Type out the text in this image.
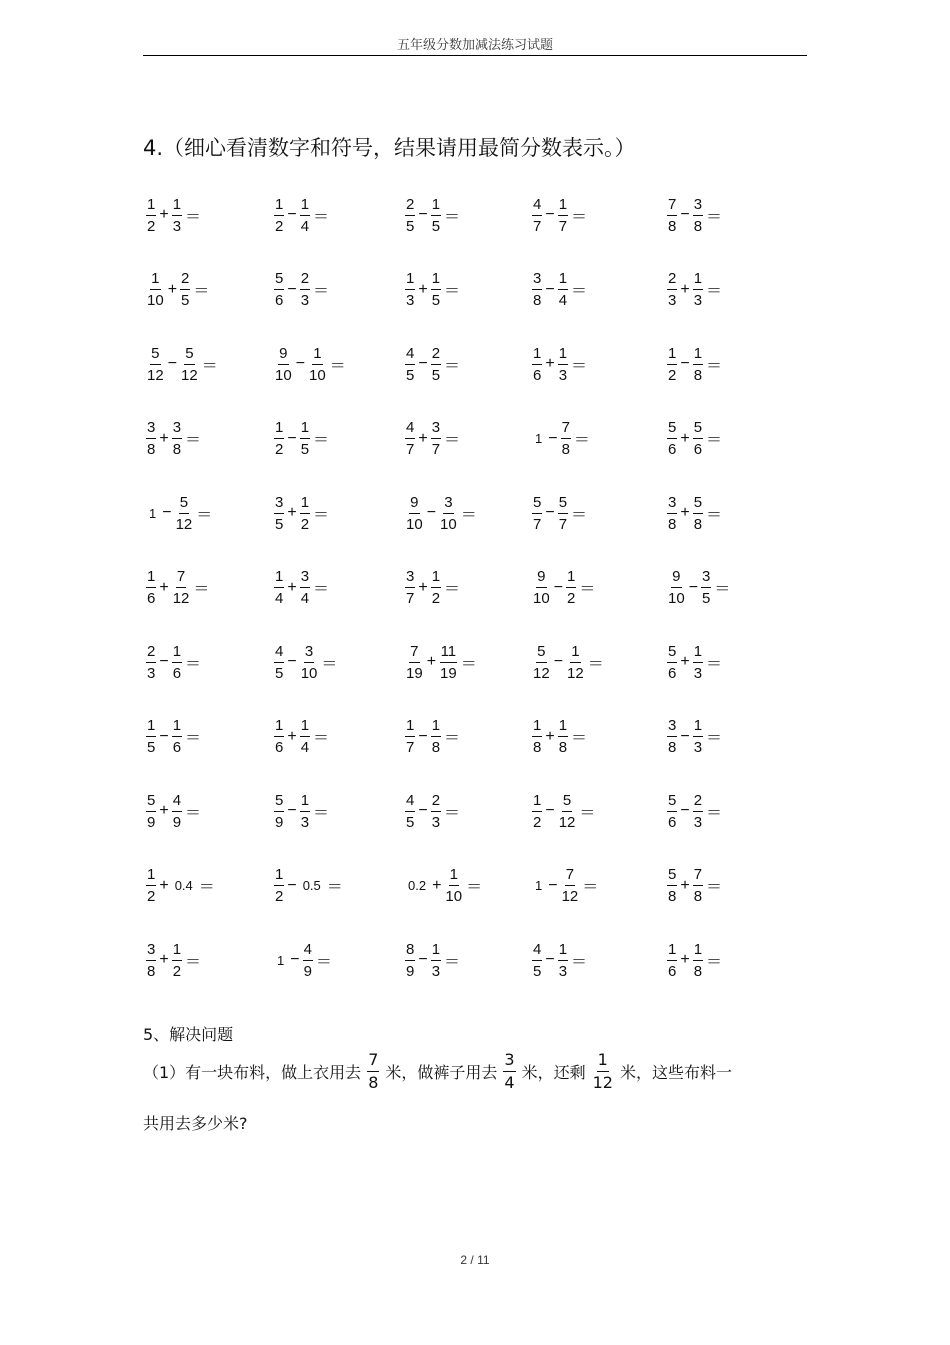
五年级分数加减法练习试题
4.（细心看清数字和符号，结果请用最简分数表示。）
$\frac{1}{2} + \frac{1}{3}$ ＝	$\frac{1}{2} - \frac{1}{4}$ ＝	$\frac{2}{5} - \frac{1}{5}$ ＝	$\frac{4}{7} - \frac{1}{7}$ ＝	$\frac{7}{8} - \frac{3}{8}$ ＝
$\frac{1}{10} + \frac{2}{5}$ ＝	$\frac{5}{6} - \frac{2}{3}$ ＝	$\frac{1}{3} + \frac{1}{5}$ ＝	$\frac{3}{8} - \frac{1}{4}$ ＝	$\frac{2}{3} + \frac{1}{3}$ ＝
$\frac{5}{12} - \frac{5}{12}$ ＝	$\frac{9}{10} - \frac{1}{10}$ ＝	$\frac{4}{5} - \frac{2}{5}$ ＝	$\frac{1}{6} + \frac{1}{3}$ ＝	$\frac{1}{2} - \frac{1}{8}$ ＝
$\frac{3}{8} + \frac{3}{8}$ ＝	$\frac{1}{2} - \frac{1}{5}$ ＝	$\frac{4}{7} + \frac{3}{7}$ ＝	$1 - \frac{7}{8}$ ＝	$\frac{5}{6} + \frac{5}{6}$ ＝
$1 - \frac{5}{12}$ ＝	$\frac{3}{5} + \frac{1}{2}$ ＝	$\frac{9}{10} - \frac{3}{10}$ ＝	$\frac{5}{7} - \frac{5}{7}$ ＝	$\frac{3}{8} + \frac{5}{8}$ ＝
$\frac{1}{6} + \frac{7}{12}$ ＝	$\frac{1}{4} + \frac{3}{4}$ ＝	$\frac{3}{7} + \frac{1}{2}$ ＝	$\frac{9}{10} - \frac{1}{2}$ ＝	$\frac{9}{10} - \frac{3}{5}$ ＝
$\frac{2}{3} - \frac{1}{6}$ ＝	$\frac{4}{5} - \frac{3}{10}$ ＝	$\frac{7}{19} + \frac{11}{19}$ ＝	$\frac{5}{12} - \frac{1}{12}$ ＝	$\frac{5}{6} + \frac{1}{3}$ ＝
$\frac{1}{5} - \frac{1}{6}$ ＝	$\frac{1}{6} + \frac{1}{4}$ ＝	$\frac{1}{7} - \frac{1}{8}$ ＝	$\frac{1}{8} + \frac{1}{8}$ ＝	$\frac{3}{8} - \frac{1}{3}$ ＝
$\frac{5}{9} + \frac{4}{9}$ ＝	$\frac{5}{9} - \frac{1}{3}$ ＝	$\frac{4}{5} - \frac{2}{3}$ ＝	$\frac{1}{2} - \frac{5}{12}$ ＝	$\frac{5}{6} - \frac{2}{3}$ ＝
$\frac{1}{2} + 0.4$ ＝	$\frac{1}{2} - 0.5$ ＝	$0.2 + \frac{1}{10}$ ＝	$1 - \frac{7}{12}$ ＝	$\frac{5}{8} + \frac{7}{8}$ ＝
$\frac{3}{8} + \frac{1}{2}$ ＝	$1 - \frac{4}{9}$ ＝	$\frac{8}{9} - \frac{1}{3}$ ＝	$\frac{4}{5} - \frac{1}{3}$ ＝	$\frac{1}{6} + \frac{1}{8}$ ＝
5、解决问题
（1）有一块布料，做上衣用去 $\frac{7}{8}$ 米，做裤子用去 $\frac{3}{4}$ 米，还剩 $\frac{1}{12}$ 米，这些布料一
共用去多少米?
2 / 11
